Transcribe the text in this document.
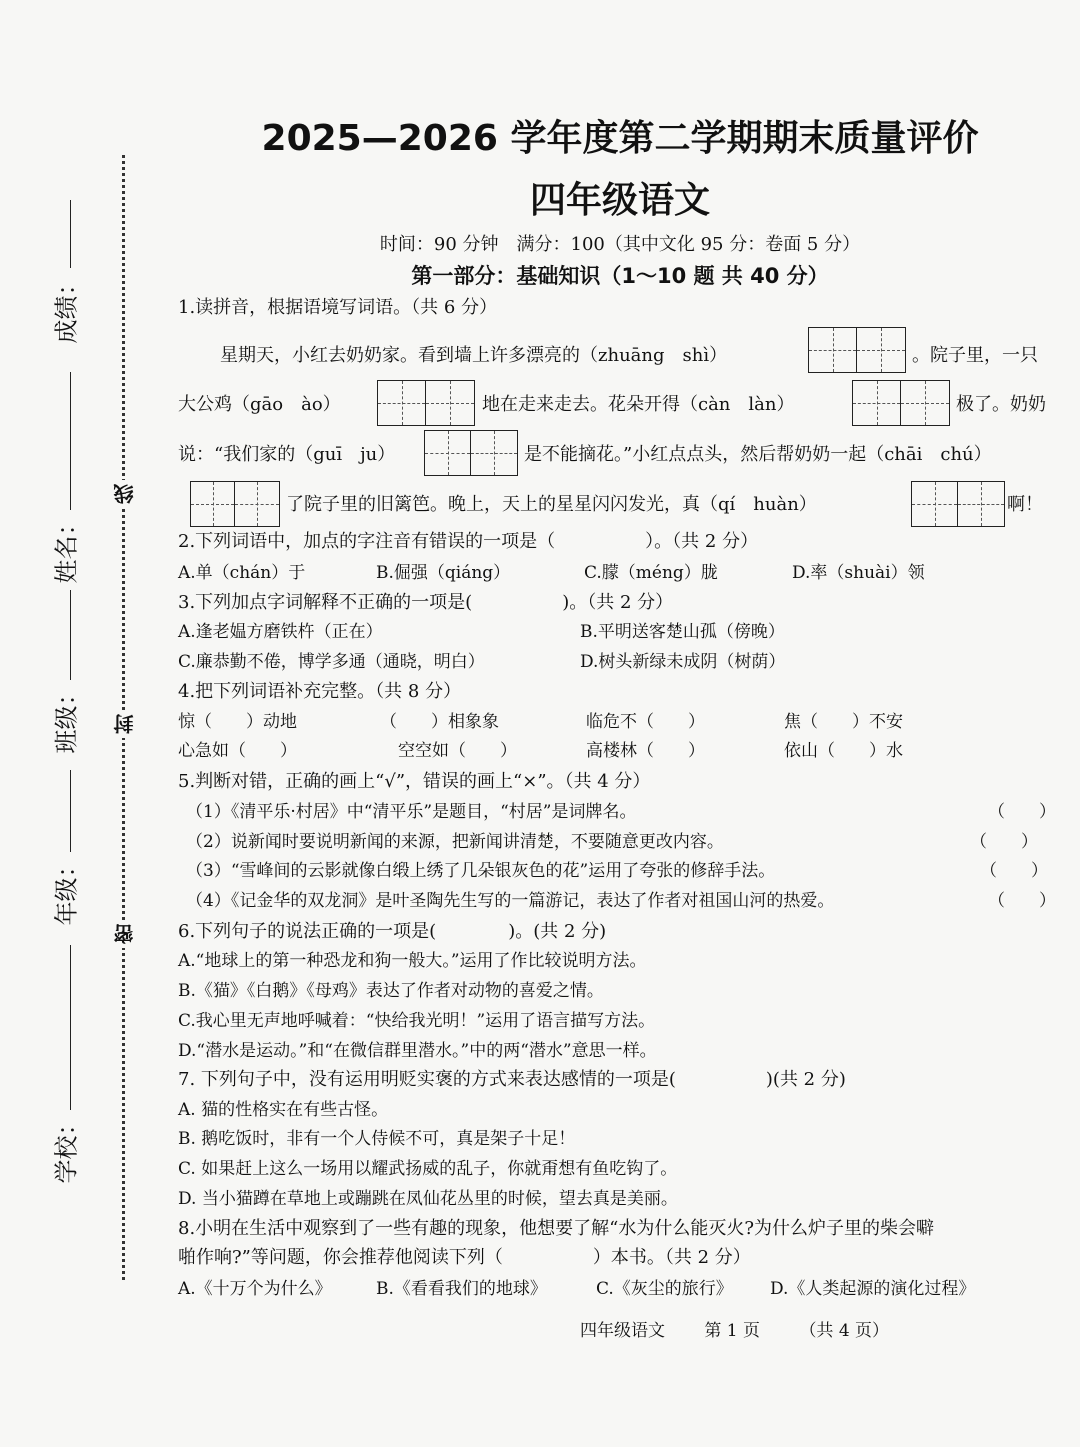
线
封
密
成绩：
姓名：
班级：
年级：
学校：
2025—2026 学年度第二学期期末质量评价
四年级语文
时间：90 分钟　满分：100（其中文化 95 分：卷面 5 分）
第一部分：基础知识（1～10 题 共 40 分）
1.读拼音，根据语境写词语。（共 6 分）
星期天，小红去奶奶家。看到墙上许多漂亮的（zhuāng　shì）	。院子里，一只
大公鸡（gāo　ào）	地在走来走去。花朵开得（càn　làn）	极了。奶奶
说：“我们家的（guī　ju）	是不能摘花。”小红点点头，然后帮奶奶一起（chāi　chú）
了院子里的旧篱笆。晚上，天上的星星闪闪发光，真（qí　huàn）	啊！
2.下列词语中，加点的字注音有错误的一项是（　　　　　）。（共 2 分）
A.单（chán）于	B.倔强（qiáng）	C.朦（méng）胧	D.率（shuài）领
3.下列加点字词解释不正确的一项是(　　　　　)。（共 2 分）
A.逢老媪方磨铁杵（正在）	B.平明送客楚山孤（傍晚）
C.廉恭勤不倦，博学多通（通晓，明白）	D.树头新绿未成阴（树荫）
4.把下列词语补充完整。（共 8 分）
惊（　　）动地	（　　）相象象	临危不（　　）	焦（　　）不安
心急如（　　）	空空如（　　）	高楼林（　　）	依山（　　）水
5.判断对错，正确的画上“√”，错误的画上“×”。（共 4 分）
（1）《清平乐·村居》中“清平乐”是题目，“村居”是词牌名。	（　　）
（2）说新闻时要说明新闻的来源，把新闻讲清楚，不要随意更改内容。	（　　）
（3）“雪峰间的云影就像白缎上绣了几朵银灰色的花”运用了夸张的修辞手法。	（　　）
（4）《记金华的双龙洞》是叶圣陶先生写的一篇游记，表达了作者对祖国山河的热爱。	（　　）
6.下列句子的说法正确的一项是(　　　　)。(共 2 分)
A.“地球上的第一种恐龙和狗一般大。”运用了作比较说明方法。
B.《猫》《白鹅》《母鸡》表达了作者对动物的喜爱之情。
C.我心里无声地呼喊着：“快给我光明！”运用了语言描写方法。
D.“潜水是运动。”和“在微信群里潜水。”中的两“潜水”意思一样。
7. 下列句子中，没有运用明贬实褒的方式来表达感情的一项是(　　　　　)(共 2 分)
A. 猫的性格实在有些古怪。
B. 鹅吃饭时，非有一个人侍候不可，真是架子十足！
C. 如果赶上这么一场用以耀武扬威的乱子，你就甭想有鱼吃钩了。
D. 当小猫蹲在草地上或蹦跳在凤仙花丛里的时候，望去真是美丽。
8.小明在生活中观察到了一些有趣的现象，他想要了解“水为什么能灭火?为什么炉子里的柴会噼
啪作响?”等问题，你会推荐他阅读下列（　　　　　）本书。（共 2 分）
A.《十万个为什么》	B.《看看我们的地球》	C.《灰尘的旅行》 D.《人类起源的演化过程》
四年级语文 第 1 页 （共 4 页）
